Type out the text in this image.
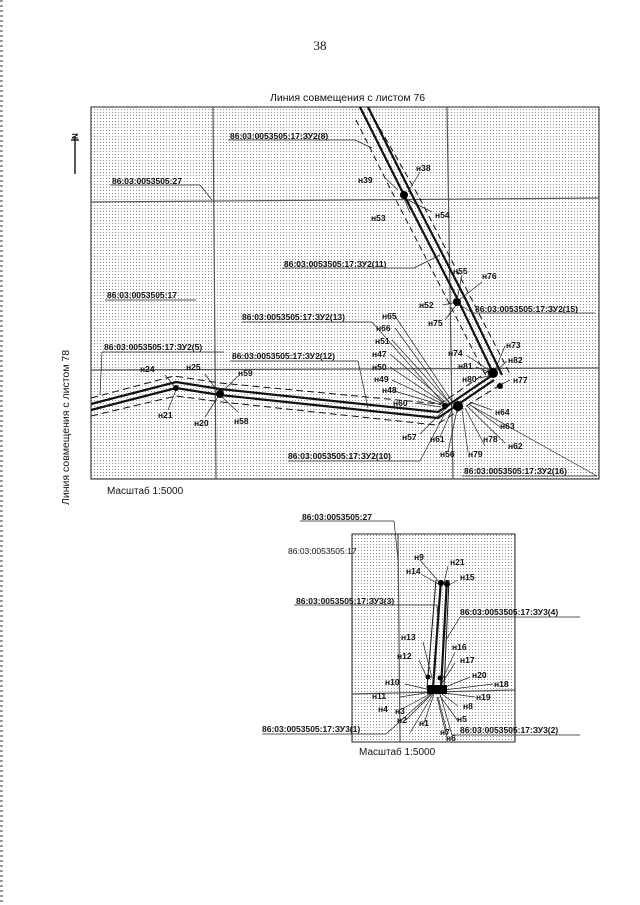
38
Линия совмещения с листом 76
Линия совмещения с листом 78	Масштаб 1:5000
N	86:03:0053505:17:ЗУ2(8)
86:03:0053505:27
86:03:0053505:17:ЗУ2(11)
86:03:0053505:17
86:03:0053505:17:ЗУ2(13)
86:03:0053505:17:ЗУ2(15)
86:03:0053505:17:ЗУ2(5)
86:03:0053505:17:ЗУ2(12)
86:03:0053505:17:ЗУ2(10)
86:03:0053505:17:ЗУ2(16)
н38
н39
н53	н54
н55 н76
н52
н75
н65
н66
н51
н47
н50
н49
н48
н60
н74
н81
н80
н73
н82
н77
н24	н25
н59
н21
н20	н58
н57 н61
н56 н79
н62
н78
н63
н64
86:03:0053505:27
86:03:0053505:17
86:03:0053505:17:ЗУ3(3)
86:03:0053505:17:ЗУ3(4)
86:03:0053505:17:ЗУ3(1)	86:03:0053505:17:ЗУ3(2)
Масштаб 1:5000
н9	н21
н14
н15
н13
н16
н12	н17
н10
н20
н18
н11	н19
н4 н3	н8
н2 н1	н5
н7
н6
